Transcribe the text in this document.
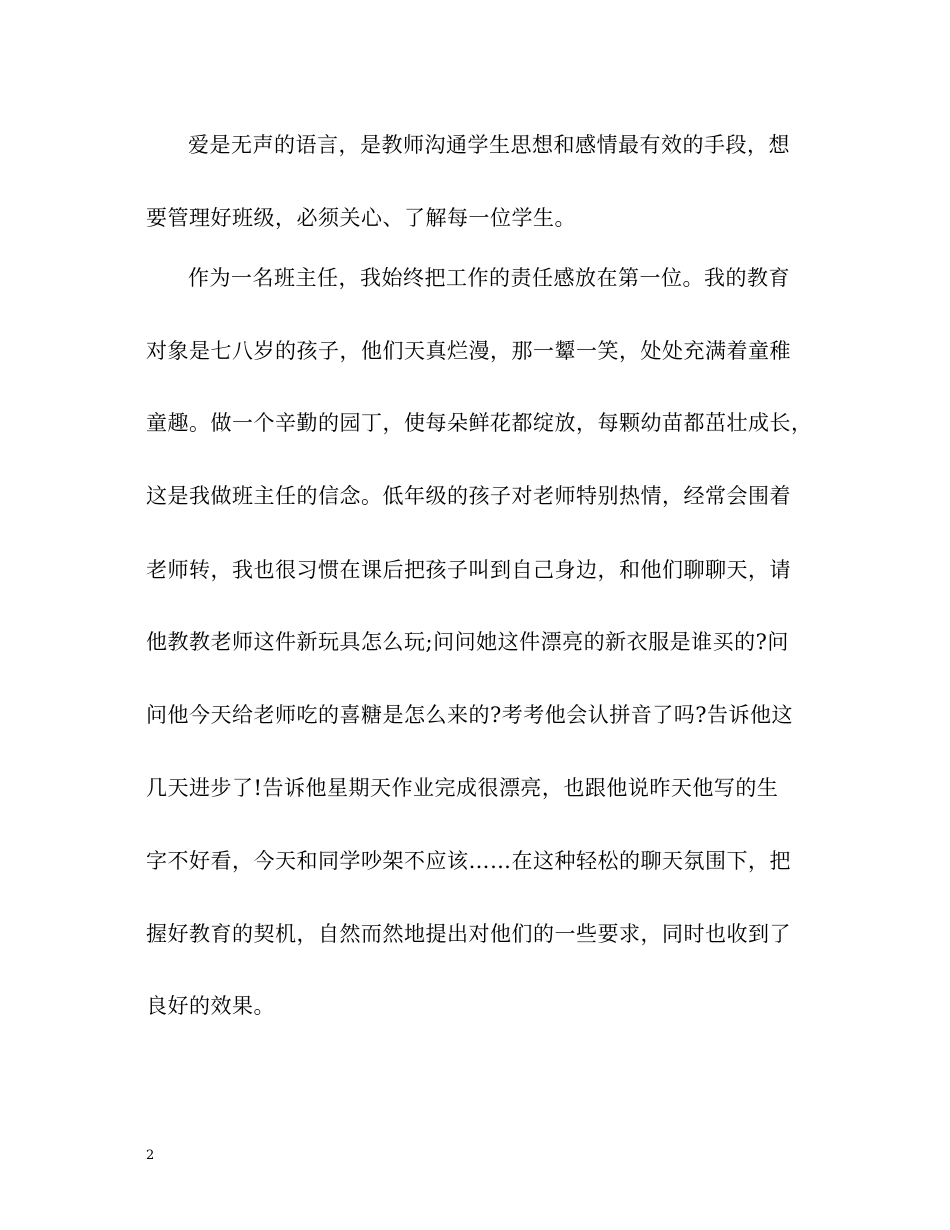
爱是无声的语言，是教师沟通学生思想和感情最有效的手段，想
要管理好班级，必须关心、了解每一位学生。
作为一名班主任，我始终把工作的责任感放在第一位。我的教育
对象是七八岁的孩子，他们天真烂漫，那一颦一笑，处处充满着童稚
童趣。做一个辛勤的园丁，使每朵鲜花都绽放，每颗幼苗都茁壮成长，
这是我做班主任的信念。低年级的孩子对老师特别热情，经常会围着
老师转，我也很习惯在课后把孩子叫到自己身边，和他们聊聊天，请
他教教老师这件新玩具怎么玩;问问她这件漂亮的新衣服是谁买的?问
问他今天给老师吃的喜糖是怎么来的?考考他会认拼音了吗?告诉他这
几天进步了!告诉他星期天作业完成很漂亮，也跟他说昨天他写的生
字不好看，今天和同学吵架不应该……在这种轻松的聊天氛围下，把
握好教育的契机，自然而然地提出对他们的一些要求，同时也收到了
良好的效果。
2
